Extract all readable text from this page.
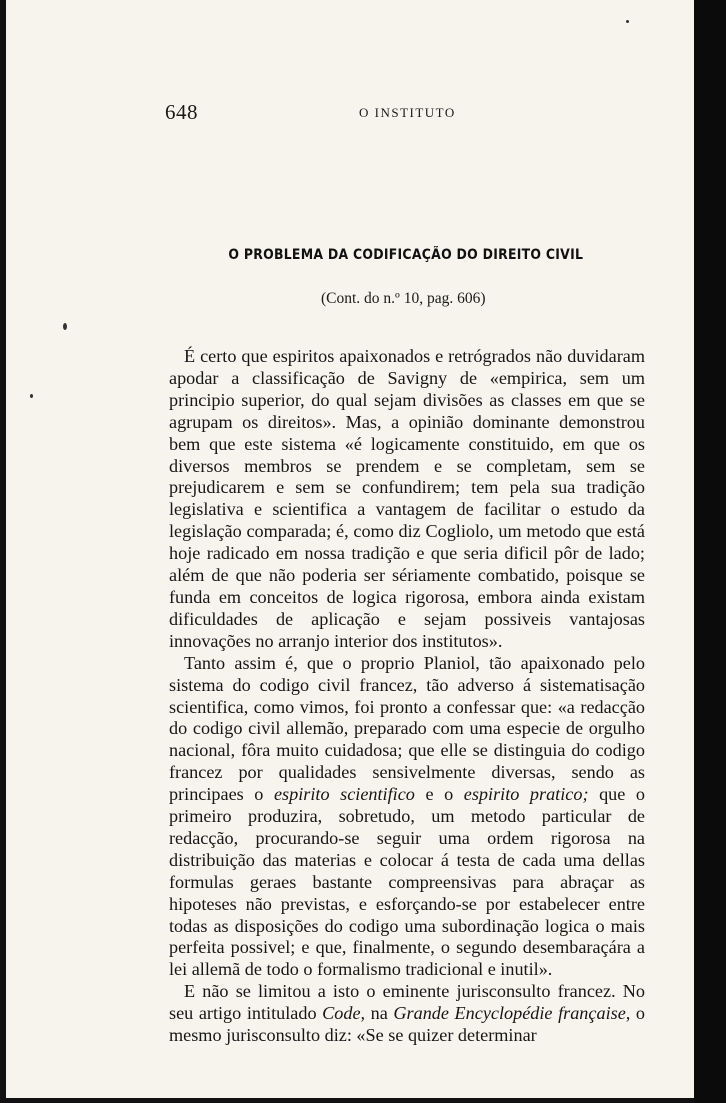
648	O INSTITUTO
O PROBLEMA DA CODIFICAÇÃO DO DIREITO CIVIL
(Cont. do n.º 10, pag. 606)

É certo que espiritos apaixonados e retrógrados não duvidaram apodar a classificação de Savigny de «empirica, sem um principio superior, do qual sejam divisões as classes em que se agrupam os direitos». Mas, a opinião dominante demonstrou bem que este sistema «é logicamente constituido, em que os diversos membros se prendem e se completam, sem se prejudicarem e sem se confundirem; tem pela sua tradição legislativa e scientifica a vantagem de facilitar o estudo da legislação comparada; é, como diz Cogliolo, um metodo que está hoje radicado em nossa tradição e que seria dificil pôr de lado; além de que não poderia ser sériamente combatido, poisque se funda em conceitos de logica rigorosa, embora ainda existam dificuldades de aplicação e sejam possiveis vantajosas innovações no arranjo interior dos institutos».

Tanto assim é, que o proprio Planiol, tão apaixonado pelo sistema do codigo civil francez, tão adverso á sistematisação scientifica, como vimos, foi pronto a confessar que: «a redacção do codigo civil allemão, preparado com uma especie de orgulho nacional, fôra muito cuidadosa; que elle se distinguia do codigo francez por qualidades sensivelmente diversas, sendo as principaes o espirito scientifico e o espirito pratico; que o primeiro produzira, sobretudo, um metodo particular de redacção, procurando-se seguir uma ordem rigorosa na distribuição das materias e colocar á testa de cada uma dellas formulas geraes bastante compreensivas para abraçar as hipoteses não previstas, e esforçando-se por estabelecer entre todas as disposições do codigo uma subordinação logica o mais perfeita possivel; e que, finalmente, o segundo desembaraçára a lei allemã de todo o formalismo tradicional e inutil».

E não se limitou a isto o eminente jurisconsulto francez. No seu artigo intitulado Code, na Grande Encyclopédie française, o mesmo jurisconsulto diz: «Se se quizer determinar
